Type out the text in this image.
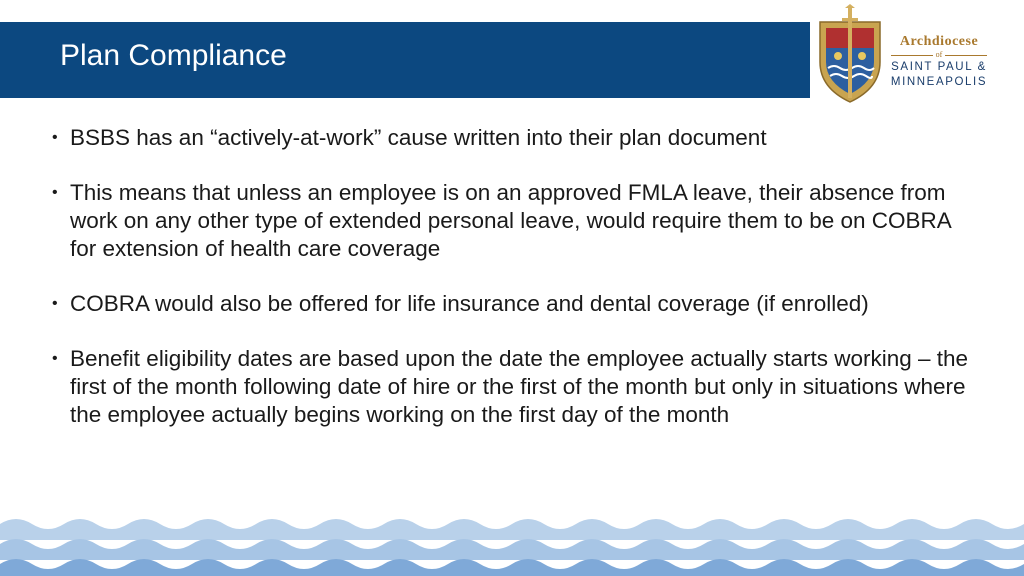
Plan Compliance	Archdiocese
of
SAINT PAUL &
MINNEAPOLIS
• BSBS has an “actively-at-work” cause written into their plan document
• This means that unless an employee is on an approved FMLA leave, their absence from work on any other type of extended personal leave, would require them to be on COBRA for extension of health care coverage
• COBRA would also be offered for life insurance and dental coverage (if enrolled)
• Benefit eligibility dates are based upon the date the employee actually starts working – the first of the month following date of hire or the first of the month but only in situations where the employee actually begins working on the first day of the month
